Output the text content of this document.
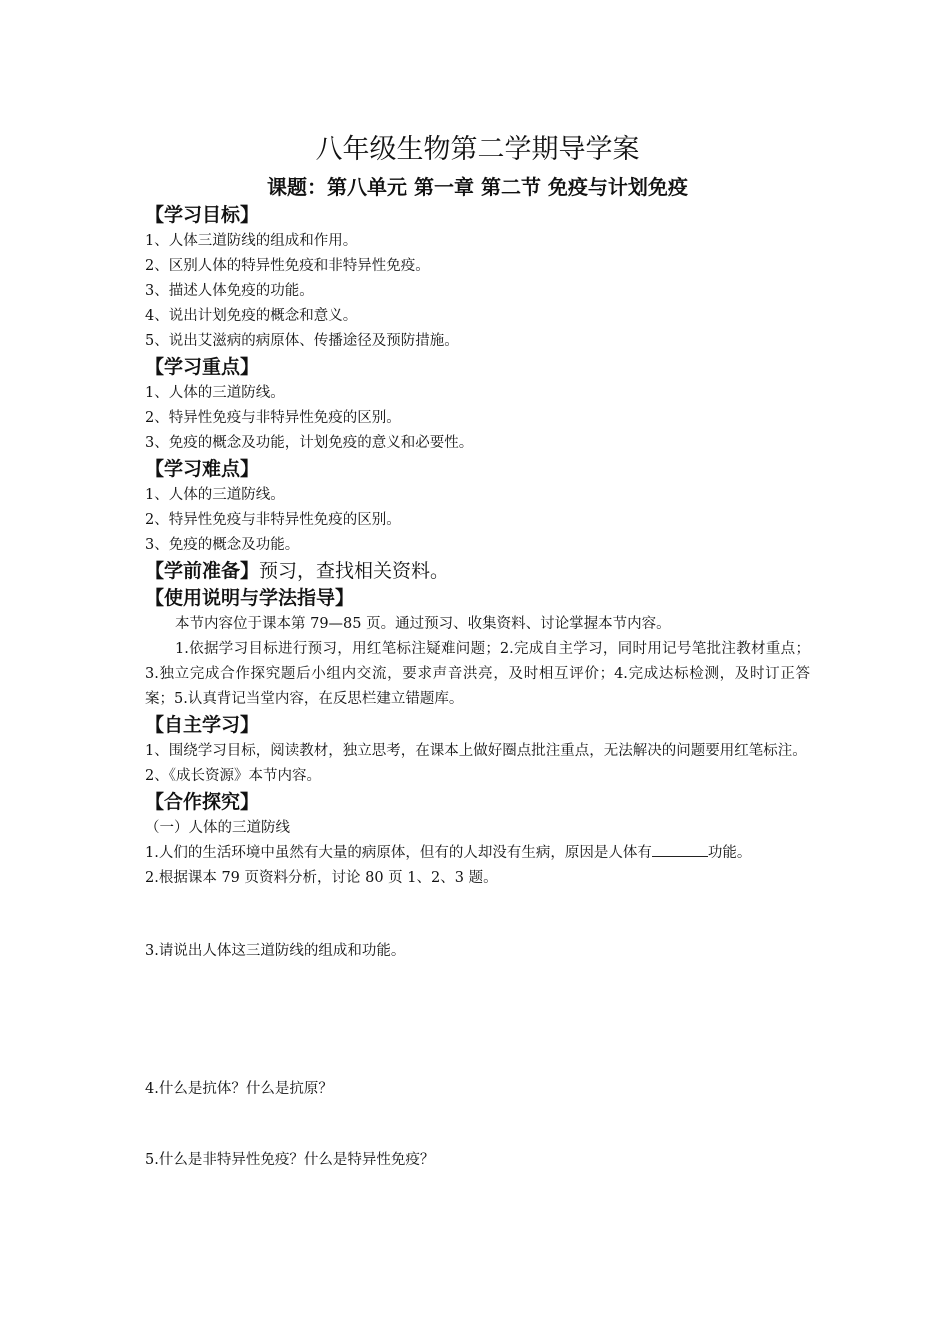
八年级生物第二学期导学案
课题：第八单元 第一章 第二节 免疫与计划免疫

【学习目标】

1、人体三道防线的组成和作用。

2、区别人体的特异性免疫和非特异性免疫。

3、描述人体免疫的功能。

4、说出计划免疫的概念和意义。

5、说出艾滋病的病原体、传播途径及预防措施。

【学习重点】

1、人体的三道防线。

2、特异性免疫与非特异性免疫的区别。

3、免疫的概念及功能，计划免疫的意义和必要性。

【学习难点】

1、人体的三道防线。

2、特异性免疫与非特异性免疫的区别。

3、免疫的概念及功能。

【学前准备】预习，查找相关资料。

【使用说明与学法指导】

本节内容位于课本第 79—85 页。通过预习、收集资料、讨论掌握本节内容。

1.依据学习目标进行预习，用红笔标注疑难问题；2.完成自主学习，同时用记号笔批注教材重点；3.独立完成合作探究题后小组内交流，要求声音洪亮，及时相互评价；4.完成达标检测，及时订正答案；5.认真背记当堂内容，在反思栏建立错题库。

【自主学习】

1、围绕学习目标，阅读教材，独立思考，在课本上做好圈点批注重点，无法解决的问题要用红笔标注。

2、《成长资源》本节内容。

【合作探究】

（一）人体的三道防线

1.人们的生活环境中虽然有大量的病原体，但有的人却没有生病，原因是人体有	功能。

2.根据课本 79 页资料分析，讨论 80 页 1、2、3 题。

3.请说出人体这三道防线的组成和功能。

4.什么是抗体？什么是抗原？

5.什么是非特异性免疫？什么是特异性免疫？
